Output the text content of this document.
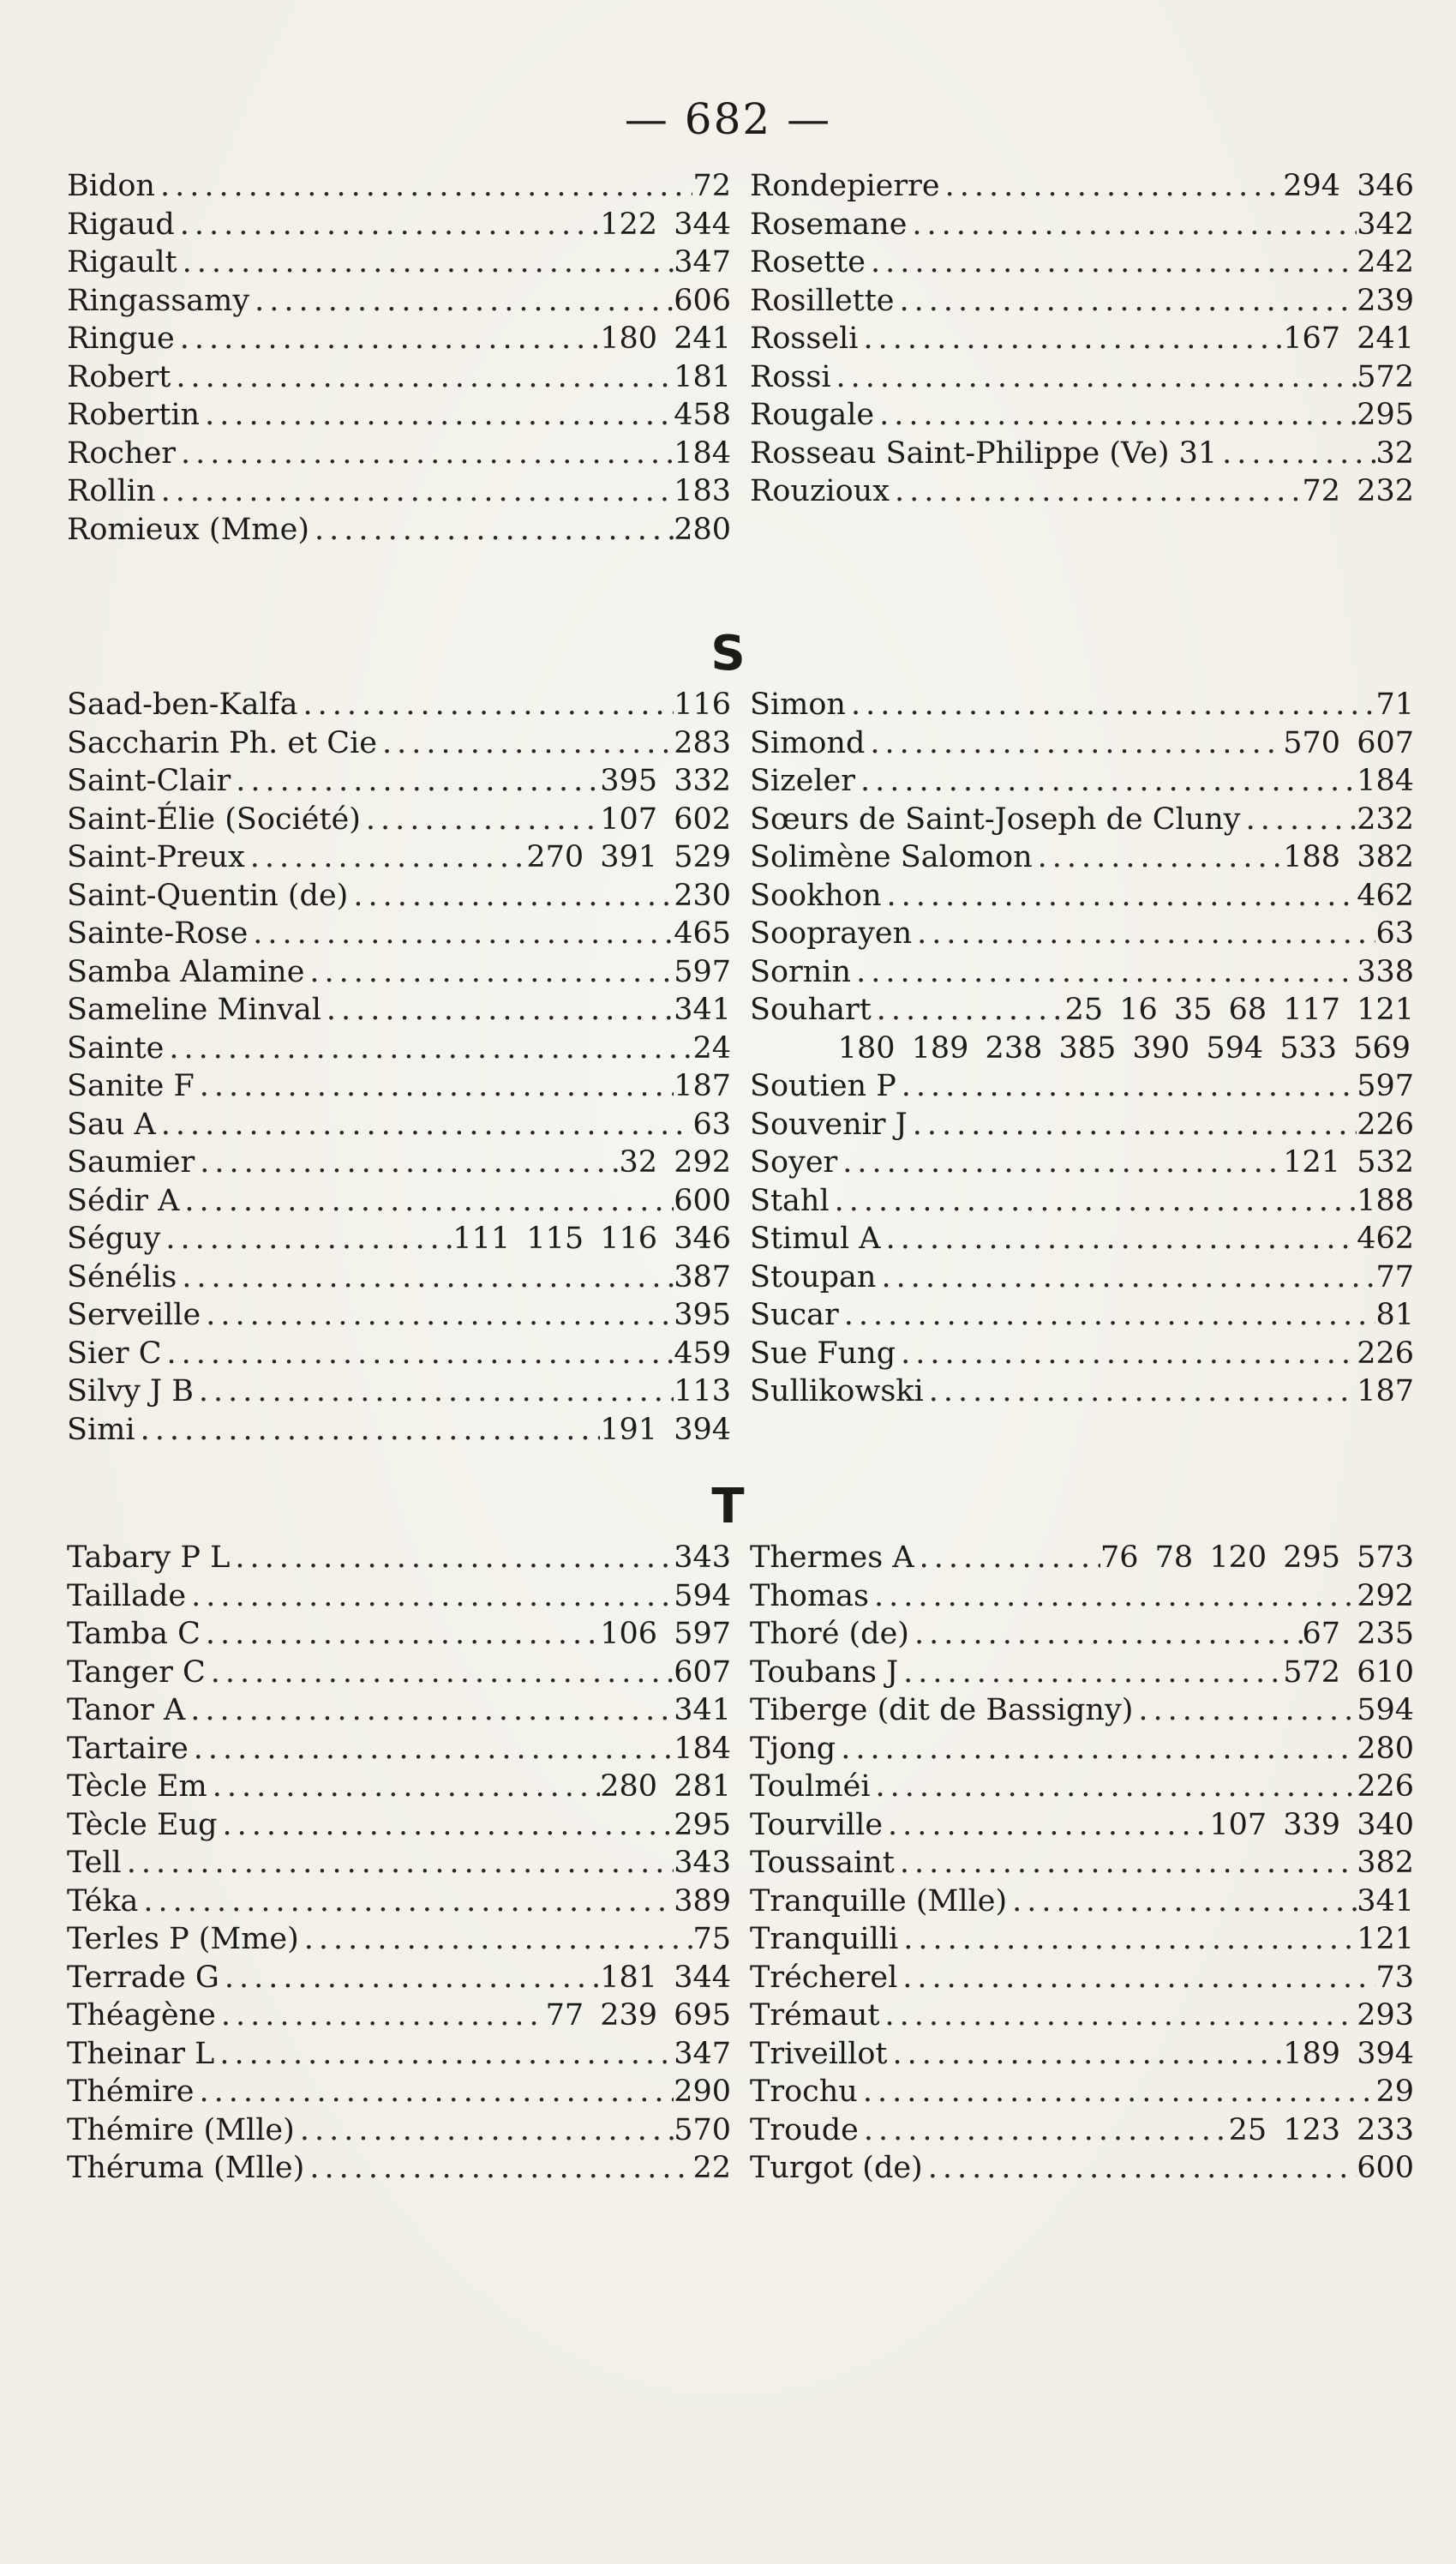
— 682 —
Bidon .....	72
Rigaud .....	122 344
Rigault .....	347
Ringassamy .....	606
Ringue .....	180 241
Robert .....	181
Robertin .....	458
Rocher .....	184
Rollin .....	183
Romieux (Mme) .....	280
Rondepierre .....	294 346
Rosemane .....	342
Rosette .....	242
Rosillette .....	239
Rosseli .....	167 241
Rossi .....	572
Rougale .....	295
Rosseau Saint-Philippe (Ve) 31 .....	32
Rouzioux .....	72 232
S
Saad-ben-Kalfa .....	116
Saccharin Ph. et Cie .....	283
Saint-Clair .....	395 332
Saint-Élie (Société) .....	107 602
Saint-Preux .....	270 391 529
Saint-Quentin (de) .....	230
Sainte-Rose .....	465
Samba Alamine .....	597
Sameline Minval .....	341
Sainte .....	24
Sanite F .....	187
Sau A .....	63
Saumier .....	32 292
Sédir A .....	600
Séguy .....	111 115 116 346
Sénélis .....	387
Serveille .....	395
Sier C .....	459
Silvy J B .....	113
Simi .....	191 394
Simon .....	71
Simond .....	570 607
Sizeler .....	184
Sœurs de Saint-Joseph de Cluny .....	232
Solimène Salomon .....	188 382
Sookhon .....	462
Sooprayen .....	63
Sornin .....	338
Souhart .....	25 16 35 68 117 121
180 189 238 385 390 594 533 569
Soutien P .....	597
Souvenir J .....	226
Soyer .....	121 532
Stahl .....	188
Stimul A .....	462
Stoupan .....	77
Sucar .....	81
Sue Fung .....	226
Sullikowski .....	187
T
Tabary P L .....	343
Taillade .....	594
Tamba C .....	106 597
Tanger C .....	607
Tanor A .....	341
Tartaire .....	184
Tècle Em .....	280 281
Tècle Eug .....	295
Tell .....	343
Téka .....	389
Terles P (Mme) .....	75
Terrade G .....	181 344
Théagène .....	77 239 695
Theinar L .....	347
Thémire .....	290
Thémire (Mlle) .....	570
Théruma (Mlle) .....	22
Thermes A .....	76 78 120 295 573
Thomas .....	292
Thoré (de) .....	67 235
Toubans J .....	572 610
Tiberge (dit de Bassigny) .....	594
Tjong .....	280
Toulméi .....	226
Tourville .....	107 339 340
Toussaint .....	382
Tranquille (Mlle) .....	341
Tranquilli .....	121
Trécherel .....	73
Trémaut .....	293
Triveillot .....	189 394
Trochu .....	29
Troude .....	25 123 233
Turgot (de) .....	600
